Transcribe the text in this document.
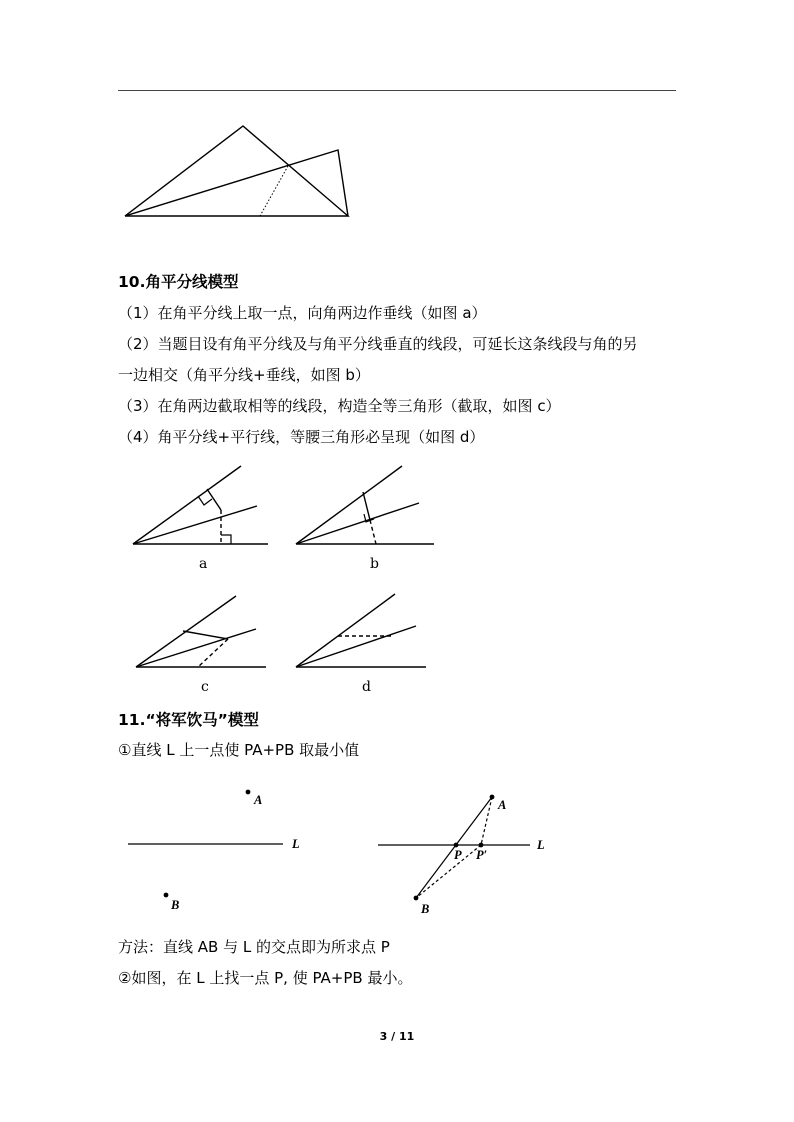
10.角平分线模型
（1）在角平分线上取一点，向角两边作垂线（如图 a）
（2）当题目设有角平分线及与角平分线垂直的线段，可延长这条线段与角的另
一边相交（角平分线+垂线，如图 b）
（3）在角两边截取相等的线段，构造全等三角形（截取，如图 c）
（4）角平分线+平行线，等腰三角形必呈现（如图 d）
a	b
c	d
11.“将军饮马”模型
①直线 L 上一点使 PA+PB 取最小值
A
L
B
A
L
P P′
B
方法：直线 AB 与 L 的交点即为所求点 P
②如图，在 L 上找一点 P, 使 PA+PB 最小。
3 / 11
